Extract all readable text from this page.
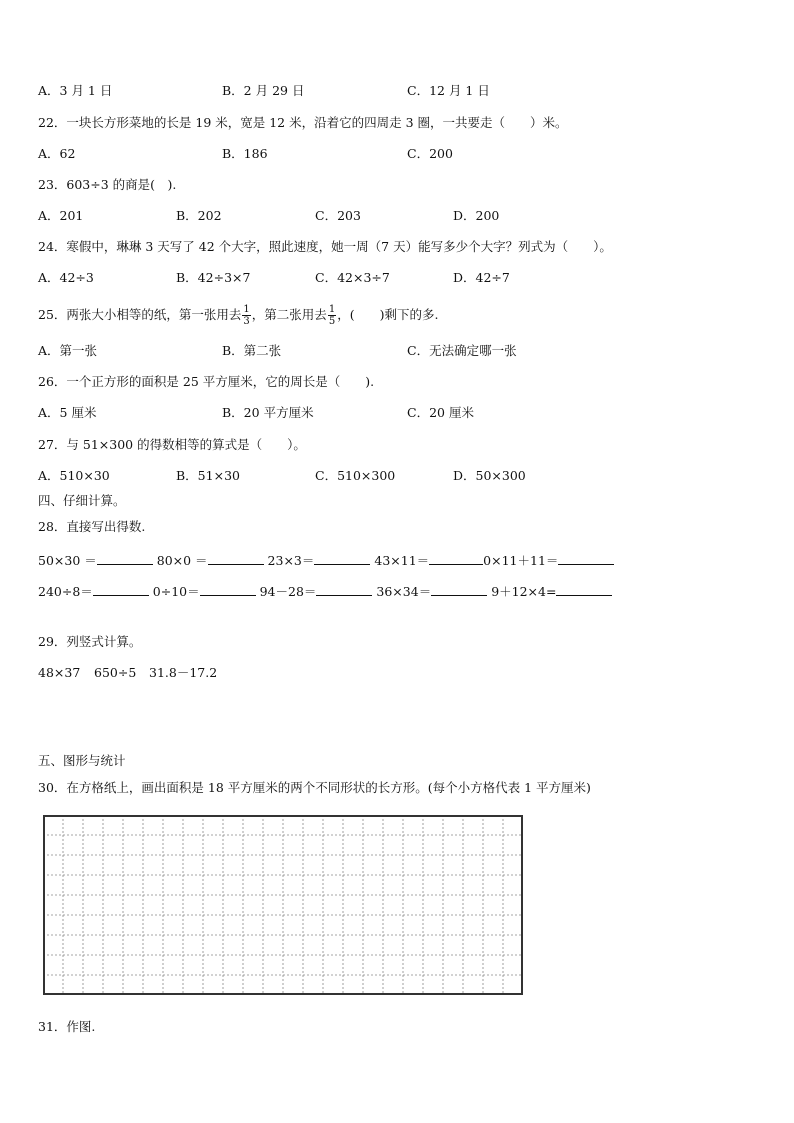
A．3 月 1 日	B．2 月 29 日	C．12 月 1 日
22．一块长方形菜地的长是 19 米，宽是 12 米，沿着它的四周走 3 圈，一共要走（　　）米。
A．62	B．186	C．200
23．603÷3 的商是(　).
A．201	B．202	C．203	D．200
24．寒假中，琳琳 3 天写了 42 个大字，照此速度，她一周（7 天）能写多少个大字？列式为（　　）。
A．42÷3	B．42÷3×7	C．42×3÷7	D．42÷7
25．两张大小相等的纸，第一张用去 $\frac{1}{3}$ ，第二张用去 $\frac{1}{5}$ ，(　　)剩下的多.
A．第一张	B．第二张	C．无法确定哪一张
26．一个正方形的面积是 25 平方厘米，它的周长是（　　).
A．5 厘米	B．20 平方厘米	C．20 厘米
27．与 51×300 的得数相等的算式是（　　）。
A．510×30	B．51×30	C．510×300	D．50×300
四、仔细计算。
28．直接写出得数.
50×30 ＝	80×0 ＝	23×3＝	43×11＝	0×11＋11＝
240÷8＝	0÷10＝	94－28＝	36×34＝	9＋12×4=
29．列竖式计算。
48×37 650÷5 31.8－17.2
五、图形与统计
30．在方格纸上，画出面积是 18 平方厘米的两个不同形状的长方形。(每个小方格代表 1 平方厘米)
31．作图.
